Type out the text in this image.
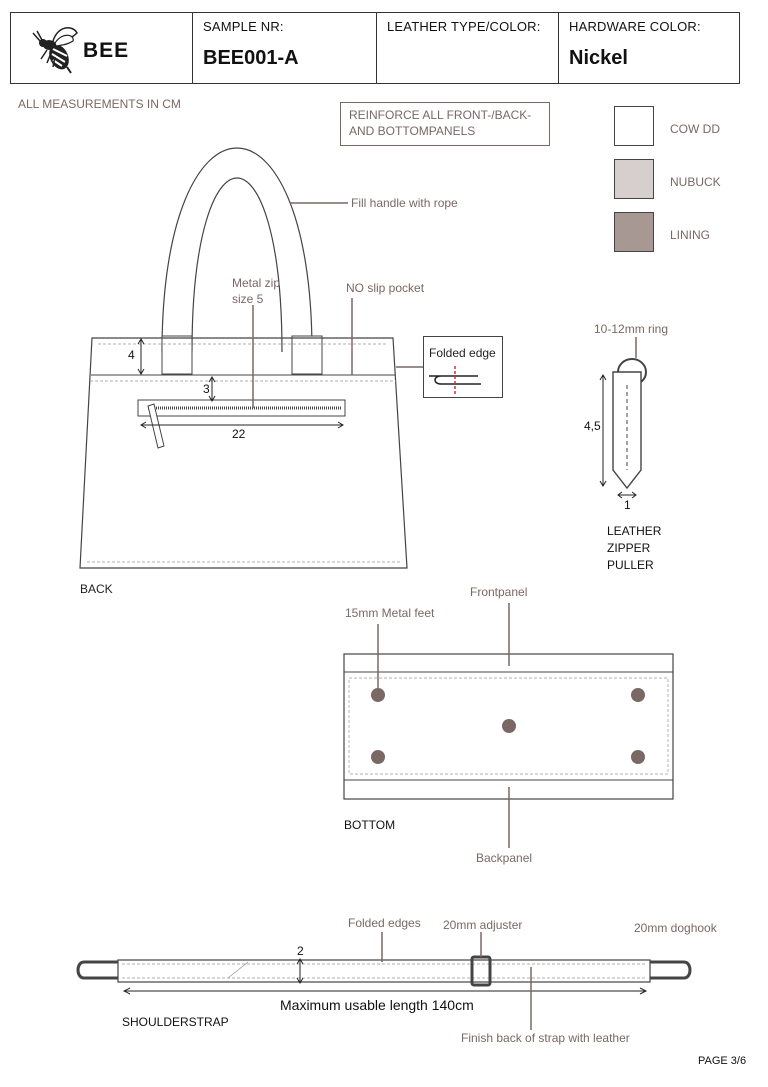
BEE
SAMPLE NR:
BEE001-A
LEATHER TYPE/COLOR: HARDWARE COLOR:
Nickel
ALL MEASUREMENTS IN CM
REINFORCE ALL FRONT-/BACK-
AND BOTTOMPANELS	COW DD
NUBUCK
LINING
Fill handle with rope
Metal zip
size 5
NO slip pocket
Folded edge
4
3
22
BACK
10-12mm ring
4,5
1
LEATHER
ZIPPER
PULLER
Frontpanel
15mm Metal feet
BOTTOM
Backpanel
Folded edges 20mm adjuster	20mm doghook
2
Maximum usable length 140cm
SHOULDERSTRAP
Finish back of strap with leather
PAGE 3/6
